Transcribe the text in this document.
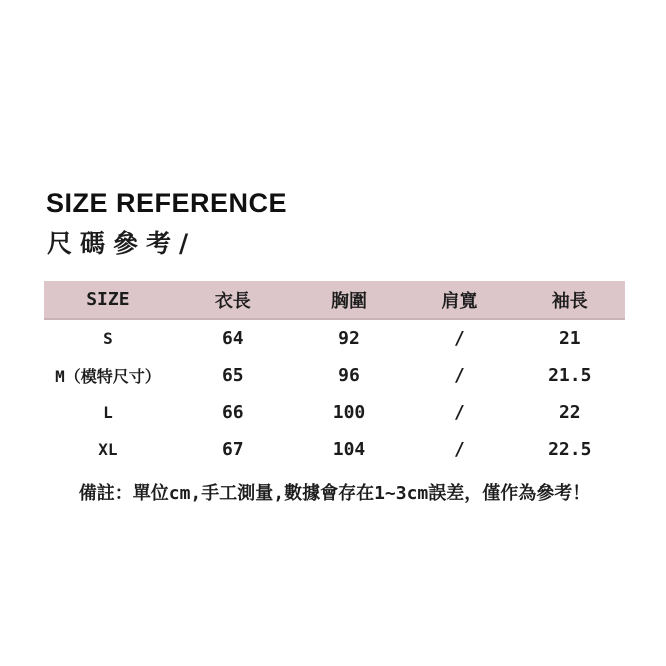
SIZE REFERENCE
尺碼參考/
SIZE	衣長	胸圍	肩寬	袖長
S	64	92	/	21
M（模特尺寸）	65	96	/	21.5
L	66	100	/	22
XL	67	104	/	22.5
備註：單位cm,手工測量,數據會存在1~3cm誤差，僅作為參考！
